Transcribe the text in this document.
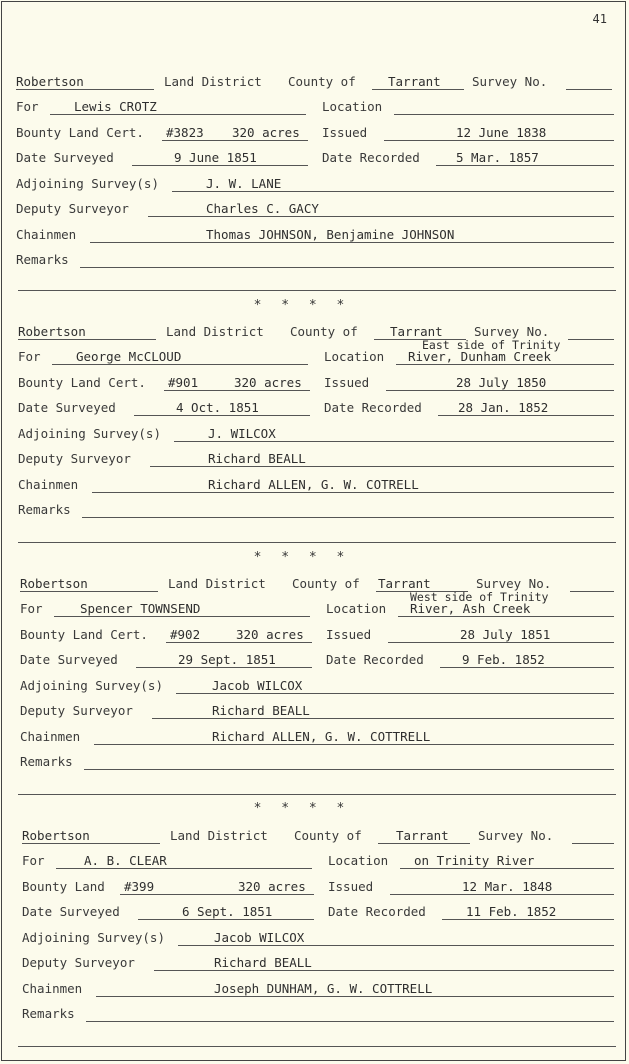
41
Robertson	Land District County of	Tarrant	Survey No.
For	Lewis CROTZ	Location
Bounty Land Cert. #3823 320 acres Issued	12 June 1838
Date Surveyed	9 June 1851	Date Recorded	5 Mar. 1857
Adjoining Survey(s)	J. W. LANE
Deputy Surveyor	Charles C. GACY
Chainmen	Thomas JOHNSON, Benjamine JOHNSON
Remarks
* * * *
Robertson	Land District County of	Tarrant	Survey No.
For	George McCLOUD	Location
East side of Trinity
River, Dunham Creek
Bounty Land Cert. #901	320 acres Issued	28 July 1850
Date Surveyed	4 Oct. 1851	Date Recorded	28 Jan. 1852
Adjoining Survey(s)	J. WILCOX
Deputy Surveyor	Richard BEALL
Chainmen	Richard ALLEN, G. W. COTRELL
Remarks
* * * *
Robertson	Land District County of Tarrant	Survey No.
For	Spencer TOWNSEND	Location
West side of Trinity
River, Ash Creek
Bounty Land Cert. #902	320 acres Issued	28 July 1851
Date Surveyed	29 Sept. 1851	Date Recorded	9 Feb. 1852
Adjoining Survey(s)	Jacob WILCOX
Deputy Surveyor	Richard BEALL
Chainmen	Richard ALLEN, G. W. COTTRELL
Remarks
* * * *
Robertson	Land District County of	Tarrant Survey No.
For	A. B. CLEAR	Location on Trinity River
Bounty Land #399	320 acres Issued	12 Mar. 1848
Date Surveyed	6 Sept. 1851	Date Recorded	11 Feb. 1852
Adjoining Survey(s)	Jacob WILCOX
Deputy Surveyor	Richard BEALL
Chainmen	Joseph DUNHAM, G. W. COTTRELL
Remarks
